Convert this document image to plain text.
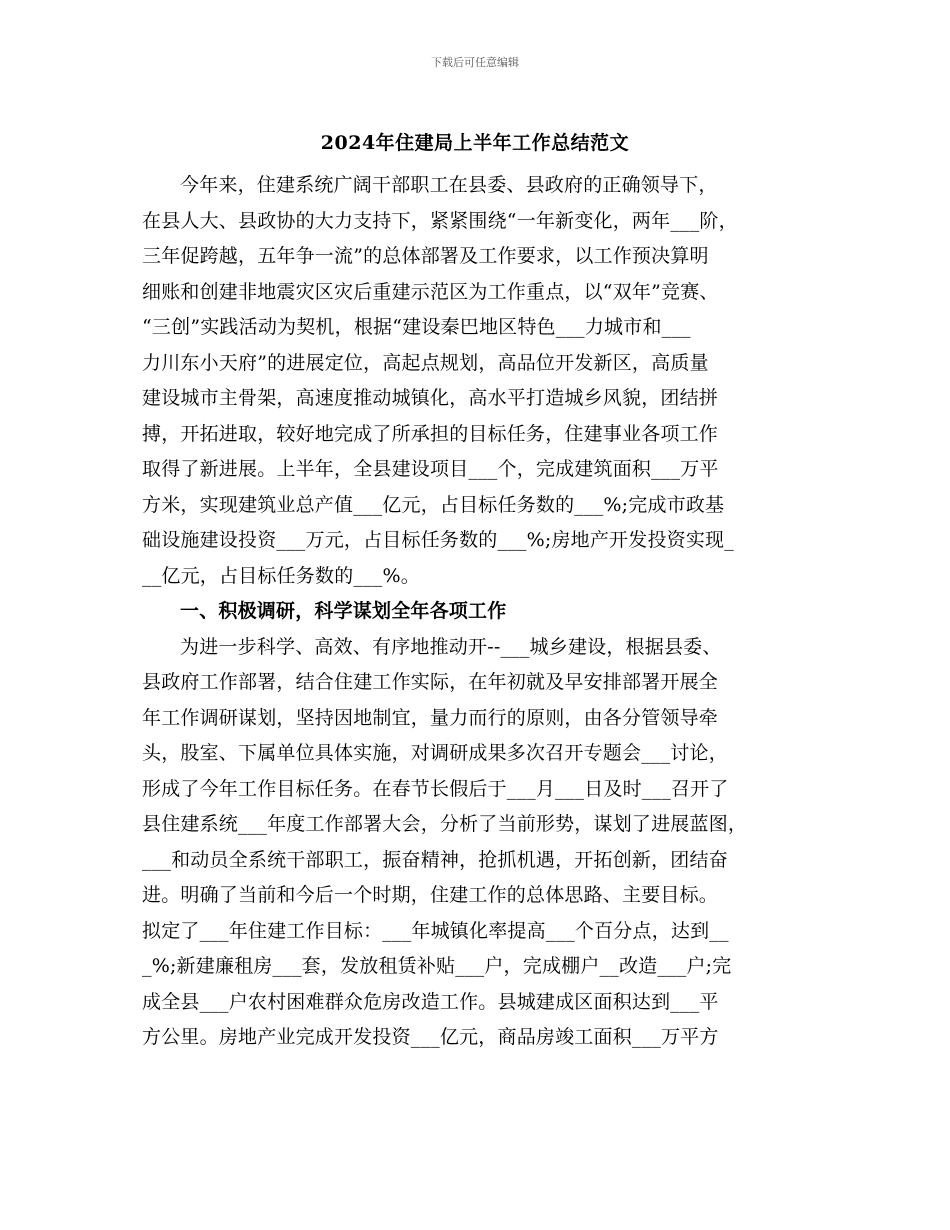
下载后可任意编辑
2024年住建局上半年工作总结范文
今年来，住建系统广阔干部职工在县委、县政府的正确领导下，
在县人大、县政协的大力支持下，紧紧围绕“一年新变化，两年___阶，
三年促跨越，五年争一流”的总体部署及工作要求，以工作预决算明
细账和创建非地震灾区灾后重建示范区为工作重点，以“双年”竞赛、
“三创”实践活动为契机，根据“建设秦巴地区特色___力城市和___
力川东小天府”的进展定位，高起点规划，高品位开发新区，高质量
建设城市主骨架，高速度推动城镇化，高水平打造城乡风貌，团结拼
搏，开拓进取，较好地完成了所承担的目标任务，住建事业各项工作
取得了新进展。上半年，全县建设项目___个，完成建筑面积___万平
方米，实现建筑业总产值___亿元，占目标任务数的___%;完成市政基
础设施建设投资___万元，占目标任务数的___%;房地产开发投资实现_
__亿元，占目标任务数的___%。
一、积极调研，科学谋划全年各项工作
为进一步科学、高效、有序地推动开--___城乡建设，根据县委、
县政府工作部署，结合住建工作实际，在年初就及早安排部署开展全
年工作调研谋划，坚持因地制宜，量力而行的原则，由各分管领导牵
头，股室、下属单位具体实施，对调研成果多次召开专题会___讨论，
形成了今年工作目标任务。在春节长假后于___月___日及时___召开了
县住建系统___年度工作部署大会，分析了当前形势，谋划了进展蓝图，
___和动员全系统干部职工，振奋精神，抢抓机遇，开拓创新，团结奋
进。明确了当前和今后一个时期，住建工作的总体思路、主要目标。
拟定了___年住建工作目标：___年城镇化率提高___个百分点，达到__
_%;新建廉租房___套，发放租赁补贴___户，完成棚户__改造___户;完
成全县___户农村困难群众危房改造工作。县城建成区面积达到___平
方公里。房地产业完成开发投资___亿元，商品房竣工面积___万平方
